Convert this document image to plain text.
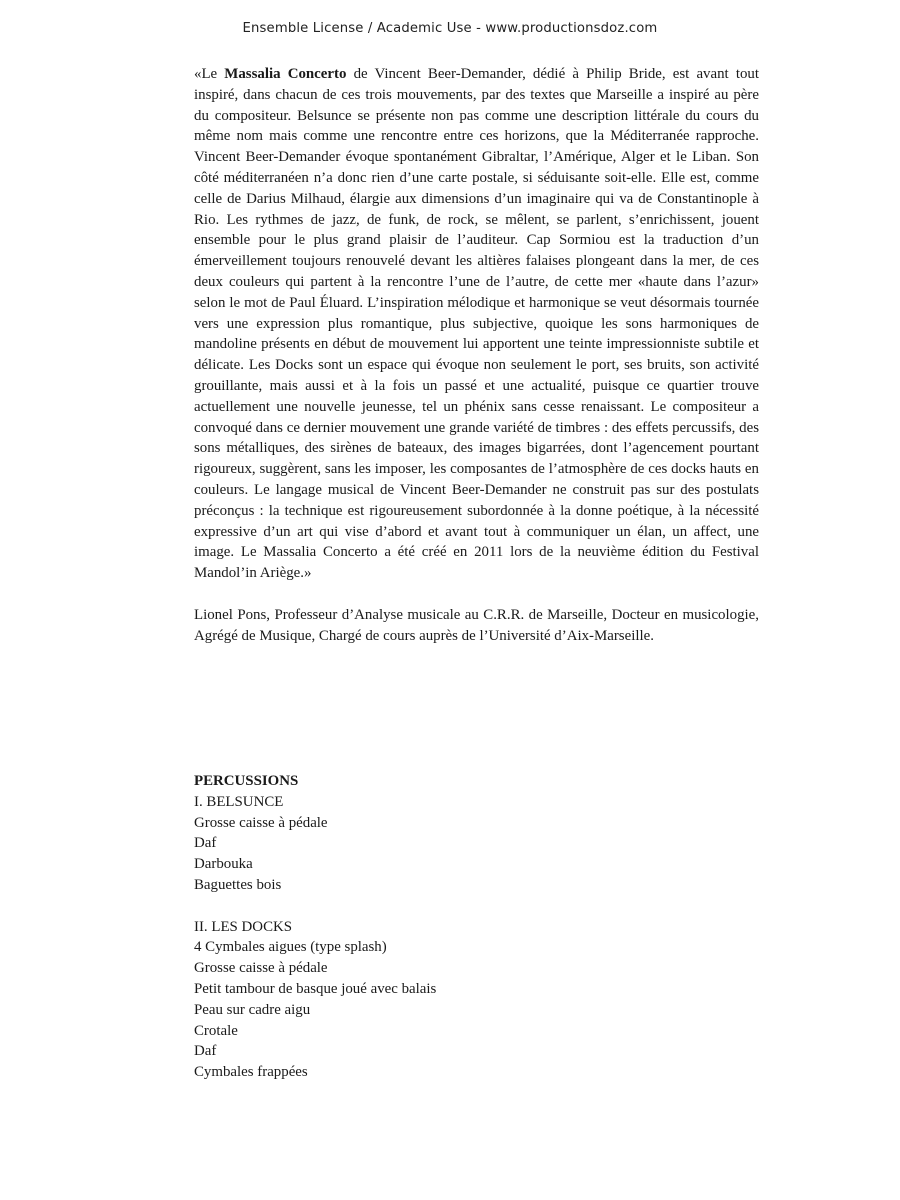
Ensemble License / Academic Use - www.productionsdoz.com

«Le Massalia Concerto de Vincent Beer-Demander, dédié à Philip Bride, est avant tout inspiré, dans chacun de ces trois mouvements, par des textes que Marseille a inspiré au père du compositeur. Belsunce se présente non pas comme une description littérale du cours du même nom mais comme une rencontre entre ces horizons, que la Méditerranée rapproche. Vincent Beer-Demander évoque spontanément Gibraltar, l’Amérique, Alger et le Liban. Son côté méditerranéen n’a donc rien d’une carte postale, si séduisante soit-elle. Elle est, comme celle de Darius Milhaud, élargie aux dimensions d’un imaginaire qui va de Constantinople à Rio. Les rythmes de jazz, de funk, de rock, se mêlent, se parlent, s’enrichissent, jouent ensemble pour le plus grand plaisir de l’auditeur. Cap Sormiou est la traduction d’un émerveillement toujours renouvelé devant les altières falaises plongeant dans la mer, de ces deux couleurs qui partent à la rencontre l’une de l’autre, de cette mer «haute dans l’azur» selon le mot de Paul Éluard. L’inspiration mélodique et harmonique se veut désormais tournée vers une expression plus romantique, plus subjective, quoique les sons harmoniques de mandoline présents en début de mouvement lui apportent une teinte impressionniste subtile et délicate. Les Docks sont un espace qui évoque non seulement le port, ses bruits, son activité grouillante, mais aussi et à la fois un passé et une actualité, puisque ce quartier trouve actuellement une nouvelle jeunesse, tel un phénix sans cesse renaissant. Le compositeur a convoqué dans ce dernier mouvement une grande variété de timbres : des effets percussifs, des sons métalliques, des sirènes de bateaux, des images bigarrées, dont l’agencement pourtant rigoureux, suggèrent, sans les imposer, les composantes de l’atmosphère de ces docks hauts en couleurs. Le langage musical de Vincent Beer-Demander ne construit pas sur des postulats préconçus : la technique est rigoureusement subordonnée à la donne poétique, à la nécessité expressive d’un art qui vise d’abord et avant tout à communiquer un élan, un affect, une image. Le Massalia Concerto a été créé en 2011 lors de la neuvième édition du Festival Mandol’in Ariège.»

Lionel Pons, Professeur d’Analyse musicale au C.R.R. de Marseille, Docteur en musicologie, Agrégé de Musique, Chargé de cours auprès de l’Université d’Aix-Marseille.

PERCUSSIONS
I. BELSUNCE
Grosse caisse à pédale
Daf
Darbouka
Baguettes bois
II. LES DOCKS
4 Cymbales aigues (type splash)
Grosse caisse à pédale
Petit tambour de basque joué avec balais
Peau sur cadre aigu
Crotale
Daf
Cymbales frappées
